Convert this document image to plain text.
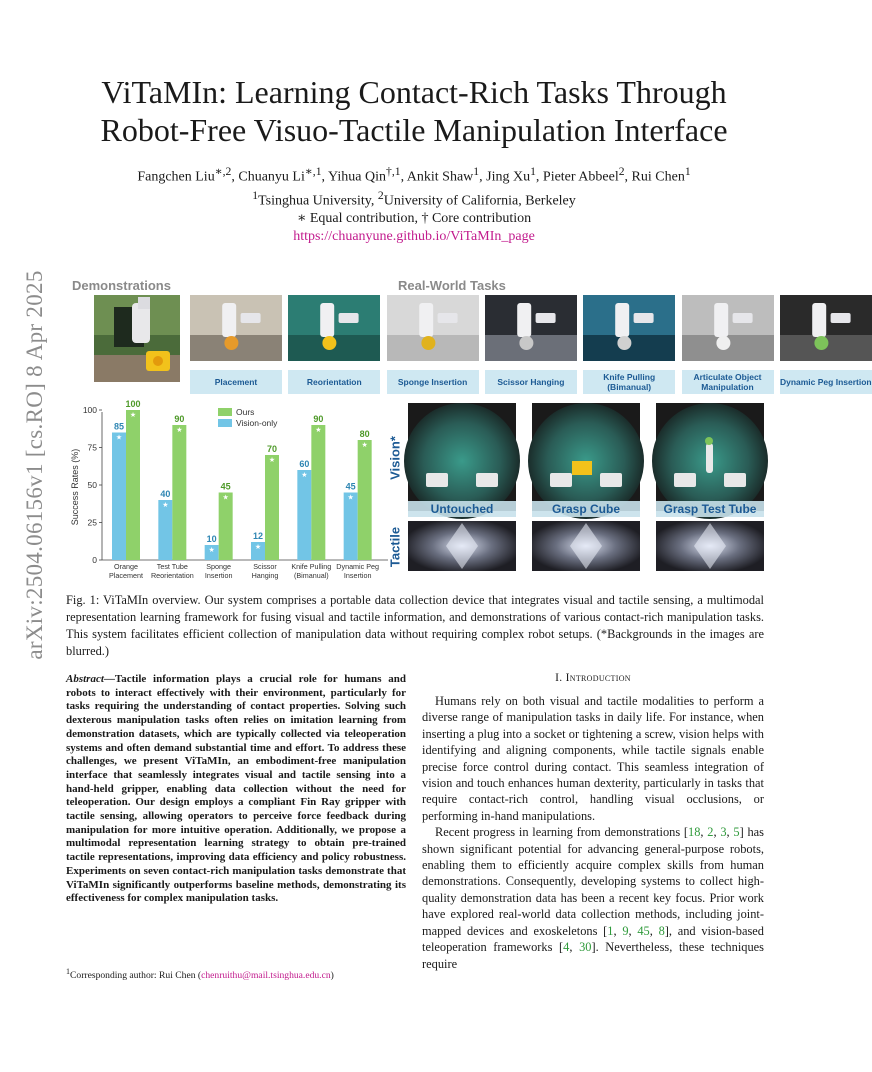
arXiv:2504.06156v1 [cs.RO] 8 Apr 2025
ViTaMIn: Learning Contact-Rich Tasks Through
Robot-Free Visuo-Tactile Manipulation Interface
Fangchen Liu$^{∗,2}$, Chuanyu $Li^{∗,1}$, Yihua Qin$^{\dagger,1}$, Ankit Shaw$^1$, Jing Xu$^1$, Pieter Abbeel$^2$, Rui Chen$^1$
$^1$Tsinghua University, $^2$University of California, Berkeley
∗ Equal contribution, † Core contribution
https://chuanyune.github.io/ViTaMIn_page
Demonstrations	Real-World Tasks
Placement	Reorientation	Sponge Insertion	Scissor Hanging	Knife Pulling (Bimanual)
Articulate Object Manipulation	Dynamic Peg Insertion
0
25
50
75
100
Success Rates (%)
★
85
★
100
Orange
Placement
★
40
★
90
Test Tube
Reorientation
★
10
★
45
Sponge
Insertion
★
12
★
70
Scissor
Hanging
★
60
★
90
Knife Pulling
(Bimanual)
★
45
★
80
Dynamic Peg
Insertion
Ours
Vision-only
Vision*
Tactile
Untouched	Grasp Cube	Grasp Test Tube
Fig. 1: ViTaMIn overview. Our system comprises a portable data collection device that integrates visual and tactile sensing, a multimodal representation learning framework for fusing visual and tactile information, and demonstrations of various contact-rich manipulation tasks. This system facilitates efficient collection of manipulation data without requiring complex robot setups. (*Backgrounds in the images are blurred.)
Abstract—Tactile information plays a crucial role for humans and robots to interact effectively with their environment, particularly for tasks requiring the understanding of contact properties. Solving such dexterous manipulation tasks often relies on imitation learning from demonstration datasets, which are typically collected via teleoperation systems and often demand substantial time and effort. To address these challenges, we present ViTaMIn, an embodiment-free manipulation interface that seamlessly integrates visual and tactile sensing into a hand-held gripper, enabling data collection without the need for teleoperation. Our design employs a compliant Fin Ray gripper with tactile sensing, allowing operators to perceive force feedback during manipulation for more intuitive operation. Additionally, we propose a multimodal representation learning strategy to obtain pre-trained tactile representations, improving data efficiency and policy robustness. Experiments on seven contact-rich manipulation tasks demonstrate that ViTaMIn significantly outperforms baseline methods, demonstrating its effectiveness for complex manipulation tasks.
$^1$Corresponding author: Rui Chen (chenruithu@mail.tsinghua.edu.cn)
I. Introduction

Humans rely on both visual and tactile modalities to perform a diverse range of manipulation tasks in daily life. For instance, when inserting a plug into a socket or tightening a screw, vision helps with identifying and aligning components, while tactile signals enable precise force control during contact. This seamless integration of vision and touch enhances human dexterity, particularly in tasks that require contact-rich control, handling visual occlusions, or performing in-hand manipulations.

Recent progress in learning from demonstrations [18, 2, 3, 5] has shown significant potential for advancing general-purpose robots, enabling them to efficiently acquire complex skills from human demonstrations. Consequently, developing systems to collect high-quality demonstration data has been a recent key focus. Prior work have explored real-world data collection methods, including joint-mapped devices and exoskeletons [1, 9, 45, 8], and vision-based teleoperation frameworks [4, 30]. Nevertheless, these techniques require
